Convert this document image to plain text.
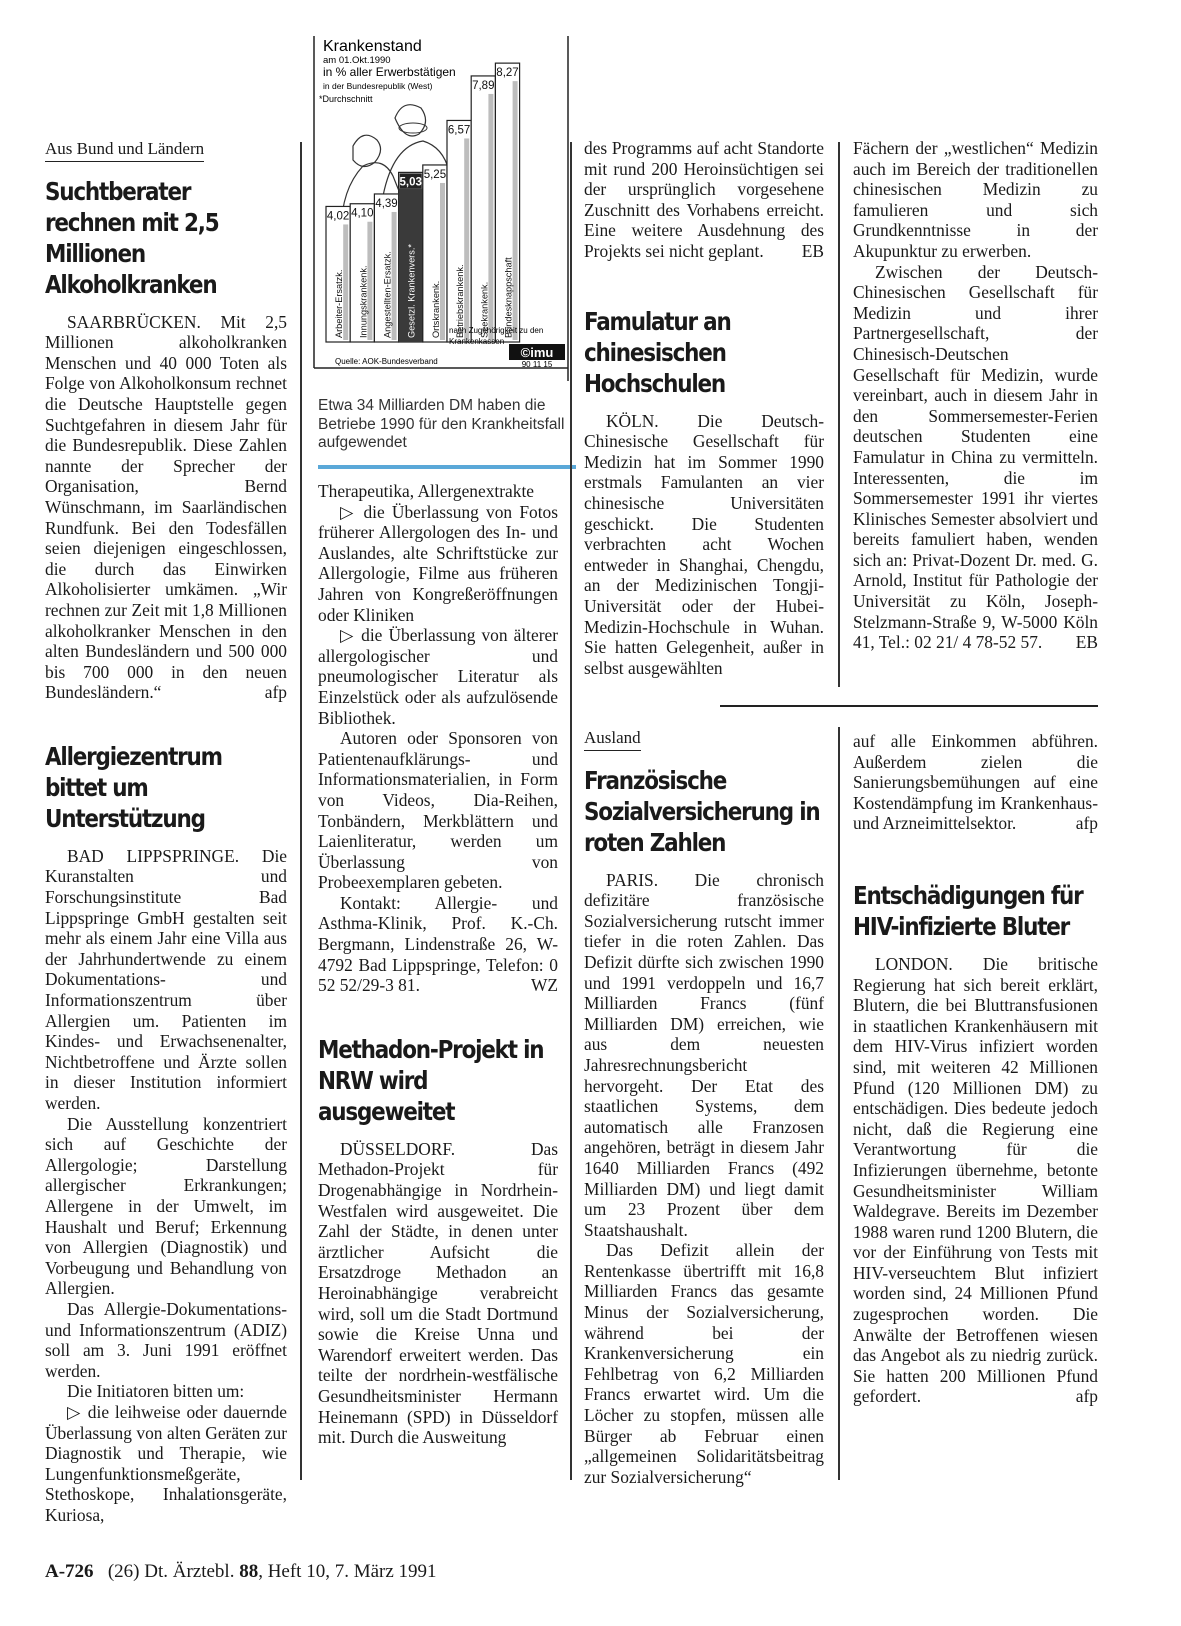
Aus Bund und Ländern
Suchtberater rechnen mit 2,5 Millionen Alkoholkranken

SAARBRÜCKEN. Mit 2,5 Millionen alkoholkranken Menschen und 40 000 Toten als Folge von Alkoholkonsum rechnet die Deutsche Hauptstelle gegen Suchtgefahren in diesem Jahr für die Bundesrepublik. Diese Zahlen nannte der Sprecher der Organisation, Bernd Wünschmann, im Saarländischen Rundfunk. Bei den Todesfällen seien diejenigen eingeschlossen, die durch das Einwirken Alkoholisierter umkämen. „Wir rechnen zur Zeit mit 1,8 Millionen alkoholkranker Menschen in den alten Bundesländern und 500 000 bis 700 000 in den neuen Bundesländern.“	afp

Allergiezentrum bittet um Unterstützung

BAD LIPPSPRINGE. Die Kuranstalten und Forschungsinstitute Bad Lippspringe GmbH gestalten seit mehr als einem Jahr eine Villa aus der Jahrhundertwende zu einem Dokumentations- und Informationszentrum über Allergien um. Patienten im Kindes- und Erwachsenenalter, Nichtbetroffene und Ärzte sollen in dieser Institution informiert werden.

Die Ausstellung konzentriert sich auf Geschichte der Allergologie; Darstellung allergischer Erkrankungen; Allergene in der Umwelt, im Haushalt und Beruf; Erkennung von Allergien (Diagnostik) und Vorbeugung und Behandlung von Allergien.

Das Allergie-Dokumentations- und Informationszentrum (ADIZ) soll am 3. Juni 1991 eröffnet werden.

Die Initiatoren bitten um:

▷ die leihweise oder dauernde Überlassung von alten Geräten zur Diagnostik und Therapie, wie Lungenfunktionsmeßgeräte, Stethoskope, Inhalationsgeräte, Kuriosa,

Krankenstand
am 01.Okt.1990
in % aller Erwerbstätigen
in der Bundesrepublik (West)
*Durchschnitt
4,02
Arbeiter-Ersatzk.
4,10
Innungskrankenk.
4,39
Angestellten-Ersatzk.
5,03
Gesetzl. Krankenvers.*
5,25
Ortskrankenk.
6,57
Betriebskrankenk.
7,89
Seekrankenk.
8,27
Bundesknappschaft
nach Zugehörigkeit zu den
Krankenkassen
Quelle: AOK-Bundesverband
©imu
90 11 15
Etwa 34 Milliarden DM haben die Betriebe 1990 für den Krankheitsfall aufgewendet

Therapeutika, Allergenextrakte

▷ die Überlassung von Fotos früherer Allergologen des In- und Auslandes, alte Schriftstücke zur Allergologie, Filme aus früheren Jahren von Kongreßeröffnungen oder Kliniken

▷ die Überlassung von älterer allergologischer und pneumologischer Literatur als Einzelstück oder als aufzulösende Bibliothek.

Autoren oder Sponsoren von Patientenaufklärungs- und Informationsmaterialien, in Form von Videos, Dia-Reihen, Tonbändern, Merkblättern und Laienliteratur, werden um Überlassung von Probeexemplaren gebeten.

Kontakt: Allergie- und Asthma-Klinik, Prof. K.-Ch. Bergmann, Lindenstraße 26, W-4792 Bad Lippspringe, Telefon: 0 52 52/29-3 81.	WZ

Methadon-Projekt in NRW wird ausgeweitet

DÜSSELDORF. Das Methadon-Projekt für Drogenabhängige in Nordrhein-Westfalen wird ausgeweitet. Die Zahl der Städte, in denen unter ärztlicher Aufsicht die Ersatzdroge Methadon an Heroinabhängige verabreicht wird, soll um die Stadt Dortmund sowie die Kreise Unna und Warendorf erweitert werden. Das teilte der nordrhein-westfälische Gesundheitsminister Hermann Heinemann (SPD) in Düsseldorf mit. Durch die Ausweitung

des Programms auf acht Standorte mit rund 200 Heroinsüchtigen sei der ursprünglich vorgesehene Zuschnitt des Vorhabens erreicht. Eine weitere Ausdehnung des Projekts sei nicht geplant. EB

Famulatur an chinesischen Hochschulen

KÖLN. Die Deutsch-Chinesische Gesellschaft für Medizin hat im Sommer 1990 erstmals Famulanten an vier chinesische Universitäten geschickt. Die Studenten verbrachten acht Wochen entweder in Shanghai, Chengdu, an der Medizinischen Tongji-Universität oder der Hubei-Medizin-Hochschule in Wuhan. Sie hatten Gelegenheit, außer in selbst ausgewählten

Ausland
Französische Sozialversicherung in roten Zahlen

PARIS. Die chronisch defizitäre französische Sozialversicherung rutscht immer tiefer in die roten Zahlen. Das Defizit dürfte sich zwischen 1990 und 1991 verdoppeln und 16,7 Milliarden Francs (fünf Milliarden DM) erreichen, wie aus dem neuesten Jahresrechnungsbericht hervorgeht. Der Etat des staatlichen Systems, dem automatisch alle Franzosen angehören, beträgt in diesem Jahr 1640 Milliarden Francs (492 Milliarden DM) und liegt damit um 23 Prozent über dem Staatshaushalt.

Das Defizit allein der Rentenkasse übertrifft mit 16,8 Milliarden Francs das gesamte Minus der Sozialversicherung, während bei der Krankenversicherung ein Fehlbetrag von 6,2 Milliarden Francs erwartet wird. Um die Löcher zu stopfen, müssen alle Bürger ab Februar einen „allgemeinen Solidaritätsbeitrag zur Sozialversicherung“

Fächern der „westlichen“ Medizin auch im Bereich der traditionellen chinesischen Medizin zu famulieren und sich Grundkenntnisse in der Akupunktur zu erwerben.

Zwischen der Deutsch-Chinesischen Gesellschaft für Medizin und ihrer Partnergesellschaft, der Chinesisch-Deutschen Gesellschaft für Medizin, wurde vereinbart, auch in diesem Jahr in den Sommersemester-Ferien deutschen Studenten eine Famulatur in China zu vermitteln. Interessenten, die im Sommersemester 1991 ihr viertes Klinisches Semester absolviert und bereits famuliert haben, wenden sich an: Privat-Dozent Dr. med. G. Arnold, Institut für Pathologie der Universität zu Köln, Joseph-Stelzmann-Straße 9, W-5000 Köln 41, Tel.: 02 21/ 4 78-52 57.	EB

auf alle Einkommen abführen. Außerdem zielen die Sanierungsbemühungen auf eine Kostendämpfung im Krankenhaus- und Arzneimittelsektor.	afp

Entschädigungen für HIV-infizierte Bluter

LONDON. Die britische Regierung hat sich bereit erklärt, Blutern, die bei Bluttransfusionen in staatlichen Krankenhäusern mit dem HIV-Virus infiziert worden sind, mit weiteren 42 Millionen Pfund (120 Millionen DM) zu entschädigen. Dies bedeute jedoch nicht, daß die Regierung eine Verantwortung für die Infizierungen übernehme, betonte Gesundheitsminister William Waldegrave. Bereits im Dezember 1988 waren rund 1200 Blutern, die vor der Einführung von Tests mit HIV-verseuchtem Blut infiziert worden sind, 24 Millionen Pfund zugesprochen worden. Die Anwälte der Betroffenen wiesen das Angebot als zu niedrig zurück. Sie hatten 200 Millionen Pfund gefordert.	afp

A-726 (26) Dt. Ärztebl. 88, Heft 10, 7. März 1991
